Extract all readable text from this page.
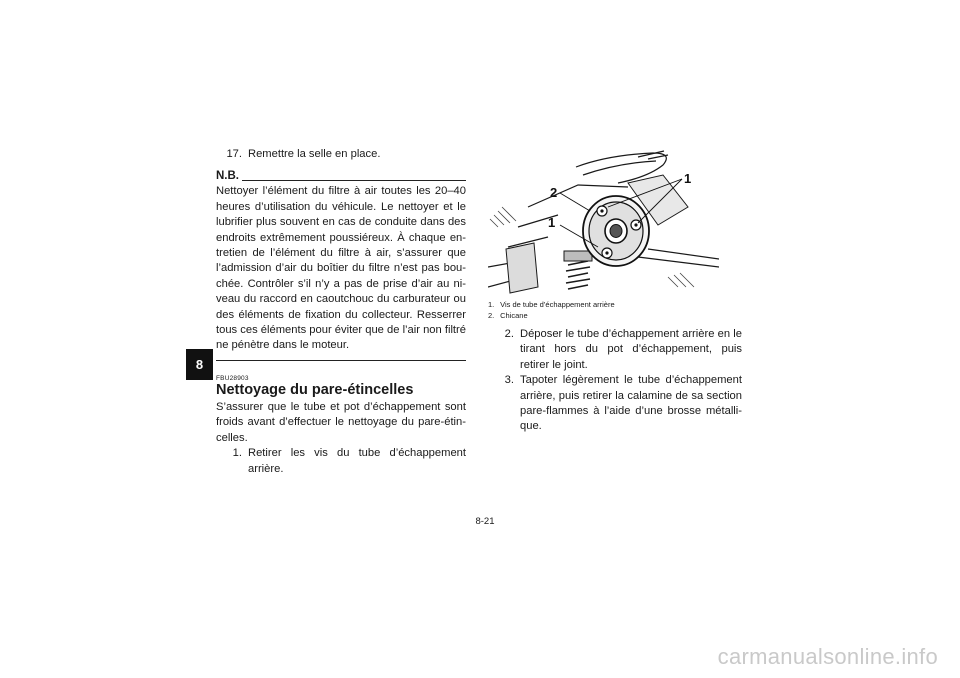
8
17. Remettre la selle en place.
N.B.

Nettoyer l’élément du filtre à air toutes les 20–40 heures d’utilisation du véhicule. Le nettoyer et le lubrifier plus souvent en cas de conduite dans des endroits extrêmement poussiéreux. À chaque en-tretien de l’élément du filtre à air, s’assurer que l’admission d’air du boîtier du filtre n’est pas bou-chée. Contrôler s’il n’y a pas de prise d’air au ni-veau du raccord en caoutchouc du carburateur ou des éléments de fixation du collecteur. Resserrer tous ces éléments pour éviter que de l’air non filtré ne pénètre dans le moteur.

FBU28903
Nettoyage du pare-étincelles

S’assurer que le tube et pot d’échappement sont froids avant d’effectuer le nettoyage du pare-étin-celles.

1. Retirer les vis du tube d’échappement arrière.
1
2
1
1. Vis de tube d’échappement arrière
2. Chicane
2. Déposer le tube d’échappement arrière en le tirant hors du pot d’échappement, puis retirer le joint.
3. Tapoter légèrement le tube d’échappement arrière, puis retirer la calamine de sa section pare-flammes à l’aide d’une brosse métalli-que.
8-21
carmanualsonline.info
